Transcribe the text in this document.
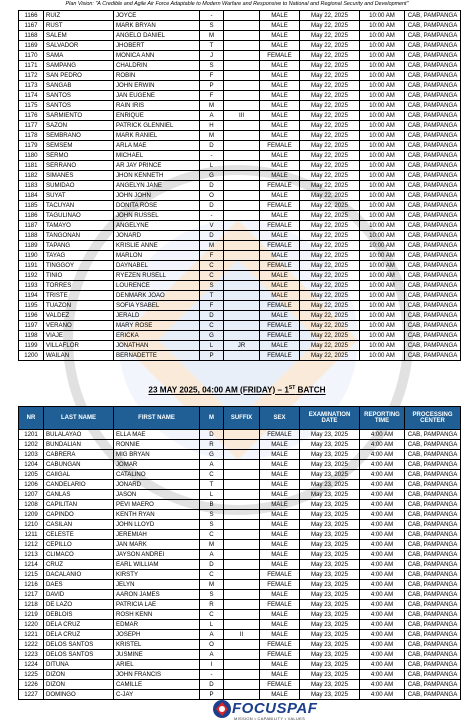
Plan Vision: "A Credible and Agile Air Force Adaptable to Modern Warfare and Responsive to National and Regional Security and Development"
1166	RUIZ	JOYCE	-		MALE	May 22, 2025	10:00 AM	CAB, PAMPANGA
1167	RUST	MARK BRYAN	S		MALE	May 22, 2025	10:00 AM	CAB, PAMPANGA
1168	SALEM	ANGELO DANIEL	M		MALE	May 22, 2025	10:00 AM	CAB, PAMPANGA
1169	SALVADOR	JHOBERT	T		MALE	May 22, 2025	10:00 AM	CAB, PAMPANGA
1170	SAMA	MONICA ANN	J		FEMALE	May 22, 2025	10:00 AM	CAB, PAMPANGA
1171	SAMPANG	CHALDRIN	S		MALE	May 22, 2025	10:00 AM	CAB, PAMPANGA
1172	SAN PEDRO	ROBIN	F		MALE	May 22, 2025	10:00 AM	CAB, PAMPANGA
1173	SANGAB	JOHN ERWIN	P		MALE	May 22, 2025	10:00 AM	CAB, PAMPANGA
1174	SANTOS	JAN EUGENE	F		MALE	May 22, 2025	10:00 AM	CAB, PAMPANGA
1175	SANTOS	RAIN IRIS	M		MALE	May 22, 2025	10:00 AM	CAB, PAMPANGA
1176	SARMIENTO	ENRIQUE	A	III	MALE	May 22, 2025	10:00 AM	CAB, PAMPANGA
1177	SAZON	PATRICK GLENNIEL	H		MALE	May 22, 2025	10:00 AM	CAB, PAMPANGA
1178	SEMBRANO	MARK RANIEL	M		MALE	May 22, 2025	10:00 AM	CAB, PAMPANGA
1179	SEMSEM	ARLA MAE	D		FEMALE	May 22, 2025	10:00 AM	CAB, PAMPANGA
1180	SERMO	MICHAEL	-		MALE	May 22, 2025	10:00 AM	CAB, PAMPANGA
1181	SERRANO	AR JAY PRINCE	L		MALE	May 22, 2025	10:00 AM	CAB, PAMPANGA
1182	SIMANES	JHON KENNETH	G		MALE	May 22, 2025	10:00 AM	CAB, PAMPANGA
1183	SUMIDAO	ANGELYN JANE	D		FEMALE	May 22, 2025	10:00 AM	CAB, PAMPANGA
1184	SUYAT	JOHN JOHN	O		MALE	May 22, 2025	10:00 AM	CAB, PAMPANGA
1185	TACUYAN	DONITA ROSE	D		FEMALE	May 22, 2025	10:00 AM	CAB, PAMPANGA
1186	TAGULINAO	JOHN RUSSEL	-		MALE	May 22, 2025	10:00 AM	CAB, PAMPANGA
1187	TAMAYO	ANGELYNE	V		FEMALE	May 22, 2025	10:00 AM	CAB, PAMPANGA
1188	TANGONAN	JONARD	D		MALE	May 22, 2025	10:00 AM	CAB, PAMPANGA
1189	TAPANG	KRISLIE ANNE	M		FEMALE	May 22, 2025	10:00 AM	CAB, PAMPANGA
1190	TAYAG	MARLON	F		MALE	May 22, 2025	10:00 AM	CAB, PAMPANGA
1191	TINGGOY	DAYNABEL	C		FEMALE	May 22, 2025	10:00 AM	CAB, PAMPANGA
1192	TINIO	RYEZEN RUSELL	C		MALE	May 22, 2025	10:00 AM	CAB, PAMPANGA
1193	TORRES	LOURENCE	S		MALE	May 22, 2025	10:00 AM	CAB, PAMPANGA
1194	TRISTE	DENMARK JOAO	T		MALE	May 22, 2025	10:00 AM	CAB, PAMPANGA
1195	TUAZON	SOFIA YSABEL	F		FEMALE	May 22, 2025	10:00 AM	CAB, PAMPANGA
1196	VALDEZ	JERALD	D		MALE	May 22, 2025	10:00 AM	CAB, PAMPANGA
1197	VERANO	MARY ROSE	C		FEMALE	May 22, 2025	10:00 AM	CAB, PAMPANGA
1198	VIAJE	ERICKA	G		FEMALE	May 22, 2025	10:00 AM	CAB, PAMPANGA
1199	VILLAFLOR	JONATHAN	L	JR	MALE	May 22, 2025	10:00 AM	CAB, PAMPANGA
1200	WAILAN	BERNADETTE	P		FEMALE	May 22, 2025	10:00 AM	CAB, PAMPANGA
23 MAY 2025, 04:00 AM (FRIDAY) – 1ST BATCH
NR	LAST NAME	FIRST NAME	M	SUFFIX	SEX	EXAMINATION DATE	REPORTING TIME	PROCESSING CENTER
1201	BULALAYAO	ELLA MAE	D		FEMALE	May 23, 2025	4:00 AM	CAB, PAMPANGA
1202	BUNDALIAN	RONNIE	R		MALE	May 23, 2025	4:00 AM	CAB, PAMPANGA
1203	CABRERA	MIG BRYAN	G		MALE	May 23, 2025	4:00 AM	CAB, PAMPANGA
1204	CABUNGAN	JOMAR	A		MALE	May 23, 2025	4:00 AM	CAB, PAMPANGA
1205	CAIIGAL	CATALINO	C		MALE	May 23, 2025	4:00 AM	CAB, PAMPANGA
1206	CANDELARIO	JONARD	T		MALE	May 23, 2025	4:00 AM	CAB, PAMPANGA
1207	CANLAS	JASON	L		MALE	May 23, 2025	4:00 AM	CAB, PAMPANGA
1208	CAPILITAN	PEVI MAERO	B		MALE	May 23, 2025	4:00 AM	CAB, PAMPANGA
1209	CAPINDO	KENTH RYAN	S		MALE	May 23, 2025	4:00 AM	CAB, PAMPANGA
1210	CASILAN	JOHN LLOYD	S		MALE	May 23, 2025	4:00 AM	CAB, PAMPANGA
1211	CELESTE	JEREMIAH	C		MALE	May 23, 2025	4:00 AM	CAB, PAMPANGA
1212	CEPILLO	JAN MARK	M		MALE	May 23, 2025	4:00 AM	CAB, PAMPANGA
1213	CLIMACO	JAYSON ANDREI	A		MALE	May 23, 2025	4:00 AM	CAB, PAMPANGA
1214	CRUZ	EARL WILLIAM	D		MALE	May 23, 2025	4:00 AM	CAB, PAMPANGA
1215	DACALANIO	KIRSTY	C		FEMALE	May 23, 2025	4:00 AM	CAB, PAMPANGA
1216	DAES	JELYN	M		FEMALE	May 23, 2025	4:00 AM	CAB, PAMPANGA
1217	DAVID	AARON JAMES	S		MALE	May 23, 2025	4:00 AM	CAB, PAMPANGA
1218	DE LAZO	PATRICIA LAE	R		FEMALE	May 23, 2025	4:00 AM	CAB, PAMPANGA
1219	DEBLOIS	ROSH KENN	C		MALE	May 23, 2025	4:00 AM	CAB, PAMPANGA
1220	DELA CRUZ	EDMAR	L		MALE	May 23, 2025	4:00 AM	CAB, PAMPANGA
1221	DELA CRUZ	JOSEPH	A	II	MALE	May 23, 2025	4:00 AM	CAB, PAMPANGA
1222	DELOS SANTOS	KRISTEL	O		FEMALE	May 23, 2025	4:00 AM	CAB, PAMPANGA
1223	DELOS SANTOS	JUSMINE	A		FEMALE	May 23, 2025	4:00 AM	CAB, PAMPANGA
1224	DITUNA	ARIEL	I		MALE	May 23, 2025	4:00 AM	CAB, PAMPANGA
1225	DIZON	JOHN FRANCIS	-		MALE	May 23, 2025	4:00 AM	CAB, PAMPANGA
1226	DIZON	CAMILLE	D		FEMALE	May 23, 2025	4:00 AM	CAB, PAMPANGA
1227	DOMINGO	C-JAY	P		MALE	May 23, 2025	4:00 AM	CAB, PAMPANGA
FOCUSPAF
MISSION • CAPABILITY • VALUES
